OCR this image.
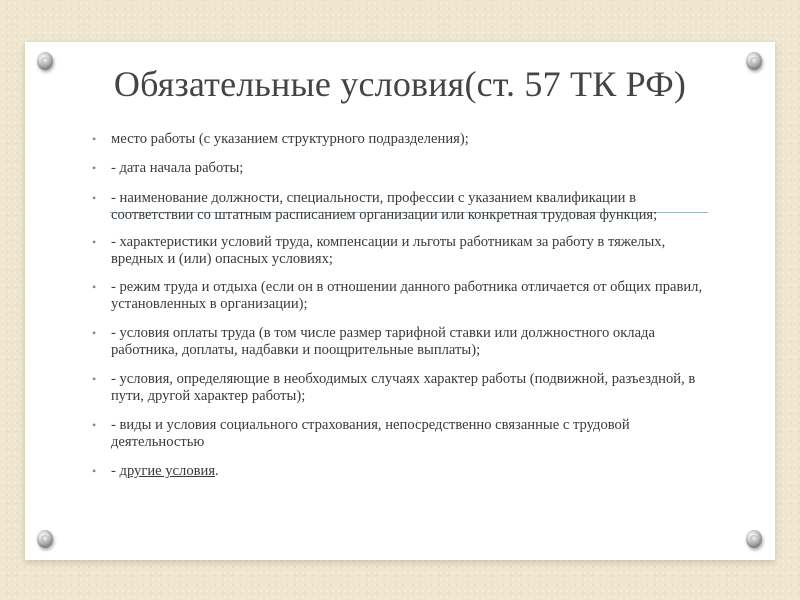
Обязательные условия(ст. 57 ТК РФ)
•	место работы (с указанием структурного подразделения);
•	- дата начала работы;
•	- наименование должности, специальности, профессии с указанием квалификации в соответствии со штатным расписанием организации или конкретная трудовая функция;
•	- характеристики условий труда, компенсации и льготы работникам за работу в тяжелых, вредных и (или) опасных условиях;
•	- режим труда и отдыха (если он в отношении данного работника отличается от общих правил, установленных в организации);
•	- условия оплаты труда (в том числе размер тарифной ставки или должностного оклада работника, доплаты, надбавки и поощрительные выплаты);
•	- условия, определяющие в необходимых случаях характер работы (подвижной, разъездной, в пути, другой характер работы);
•	- виды и условия социального страхования, непосредственно связанные с трудовой деятельностью
•	- другие условия.
